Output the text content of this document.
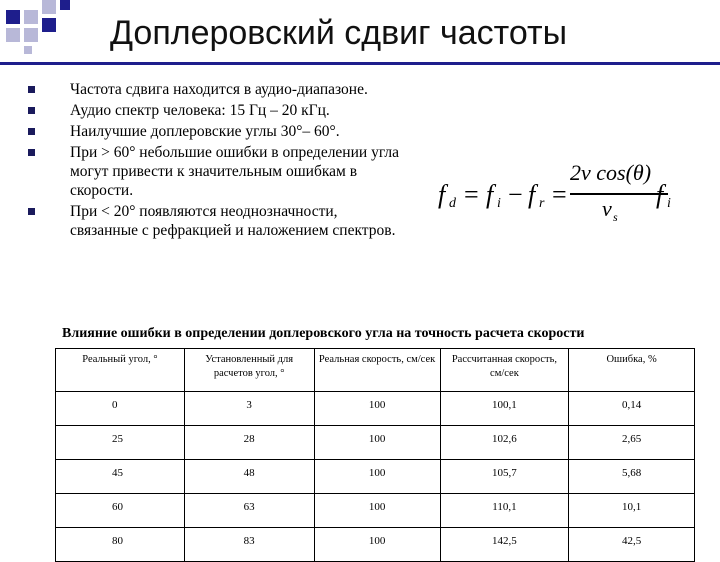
Доплеровский сдвиг частоты
Частота сдвига находится в аудио-диапазоне.
Аудио спектр человека: 15 Гц – 20 кГц.
Наилучшие доплеровские углы 30°– 60°.
При > 60° небольшие ошибки в определении угла могут привести к значительным ошибкам в скорости.
При < 20° появляются неоднозначности, связанные с рефракцией и наложением спектров.
f d = f i − f r =
2v cos(θ)
v s
f i
Влияние ошибки в определении доплеровского угла на точность расчета скорости
Реальный угол, °	Установленный для расчетов угол, °	Реальная скорость, см/сек	Рассчитанная скорость, см/сек	Ошибка, %
0	3	100	100,1	0,14
25	28	100	102,6	2,65
45	48	100	105,7	5,68
60	63	100	110,1	10,1
80	83	100	142,5	42,5
